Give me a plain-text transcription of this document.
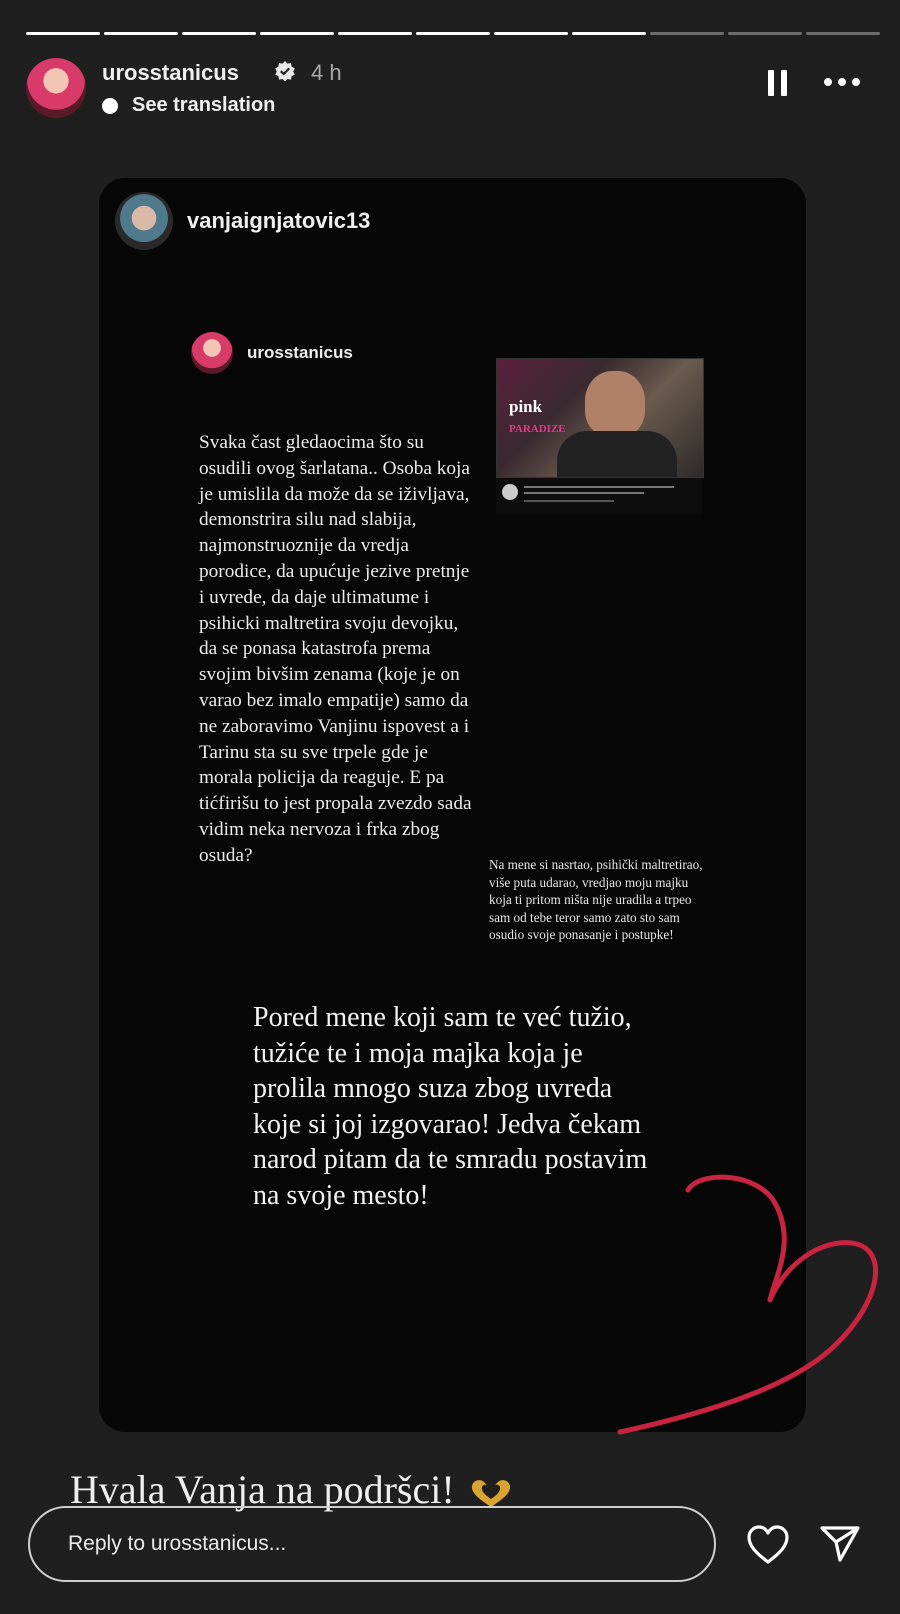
urosstanicus	4 h
See translation
vanjaignjatovic13
urosstanicus
pink
PARADIZE
Svaka čast gledaocima što su osudili ovog šarlatana.. Osoba koja je umislila da može da se iživljava, demonstrira silu nad slabija, najmonstruoznije da vredja porodice, da upućuje jezive pretnje i uvrede, da daje ultimatume i psihicki maltretira svoju devojku, da se ponasa katastrofa prema svojim bivšim zenama (koje je on varao bez imalo empatije) samo da ne zaboravimo Vanjinu ispovest a i Tarinu sta su sve trpele gde je morala policija da reaguje. E pa tićfirišu to jest propala zvezdo sada vidim neka nervoza i frka zbog osuda?	Na mene si nasrtao, psihički maltretirao, više puta udarao, vredjao moju majku koja ti pritom ništa nije uradila a trpeo sam od tebe teror samo zato sto sam osudio svoje ponasanje i postupke!
Pored mene koji sam te već tužio, tužiće te i moja majka koja je prolila mnogo suza zbog uvreda koje si joj izgovarao! Jedva čekam narod pitam da te smradu postavim na svoje mesto!
Hvala Vanja na podršci!
Reply to urosstanicus...
